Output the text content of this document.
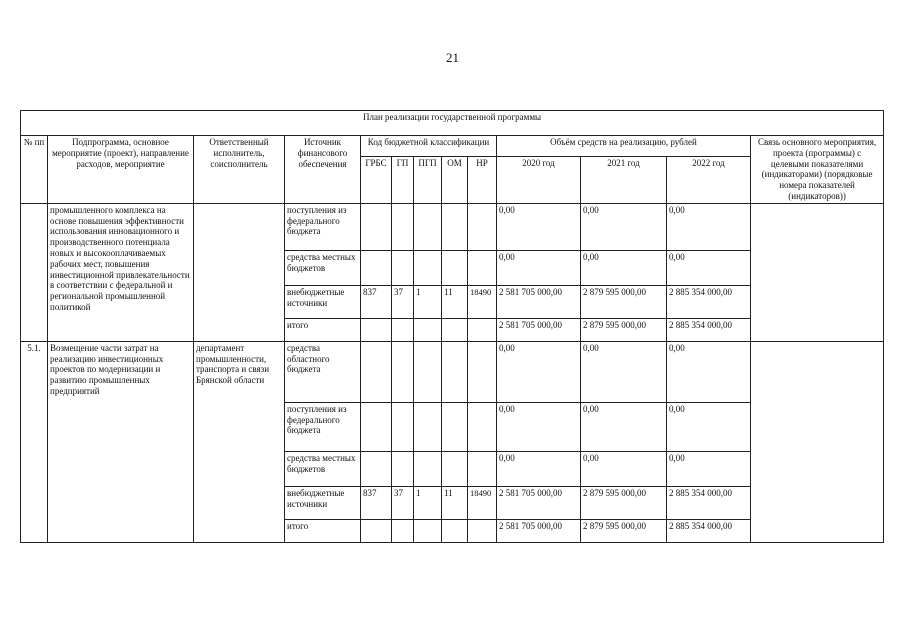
21
План реализации государственной программы												
№ пп	Подпрограмма, основное мероприятие (проект), направление расходов, мероприятие	Ответственный исполнитель, соисполнитель	Источник финансового обеспечения	Код бюджетной классификации					Объём средств на реализацию, рублей			Связь основного мероприятия, проекта (программы) с целевыми показателями (индикаторами) (порядковые номера показателей (индикаторов))
				ГРБС	ГП	ПГП	ОМ	НР	2020 год	2021 год	2022 год	
	промышленного комплекса на основе повышения эффективности использования инновационного и производственного потенциала новых и высокооплачиваемых рабочих мест, повышения инвестиционной привлекательности в соответствии с федеральной и региональной промышленной политикой		поступления из федерального бюджета						0,00	0,00	0,00	
			средства местных бюджетов						0,00	0,00	0,00	
			внебюджетные источники	837	37	1	11	18490	2 581 705 000,00	2 879 595 000,00	2 885 354 000,00	
			итого						2 581 705 000,00	2 879 595 000,00	2 885 354 000,00	
5.1.	Возмещение части затрат на реализацию инвестиционных проектов по модернизации и развитию промышленных предприятий	департамент промышленности, транспорта и связи Брянской области	средства областного бюджета						0,00	0,00	0,00	
			поступления из федерального бюджета						0,00	0,00	0,00	
			средства местных бюджетов						0,00	0,00	0,00	
			внебюджетные источники	837	37	1	11	18490	2 581 705 000,00	2 879 595 000,00	2 885 354 000,00	
			итого						2 581 705 000,00	2 879 595 000,00	2 885 354 000,00	
